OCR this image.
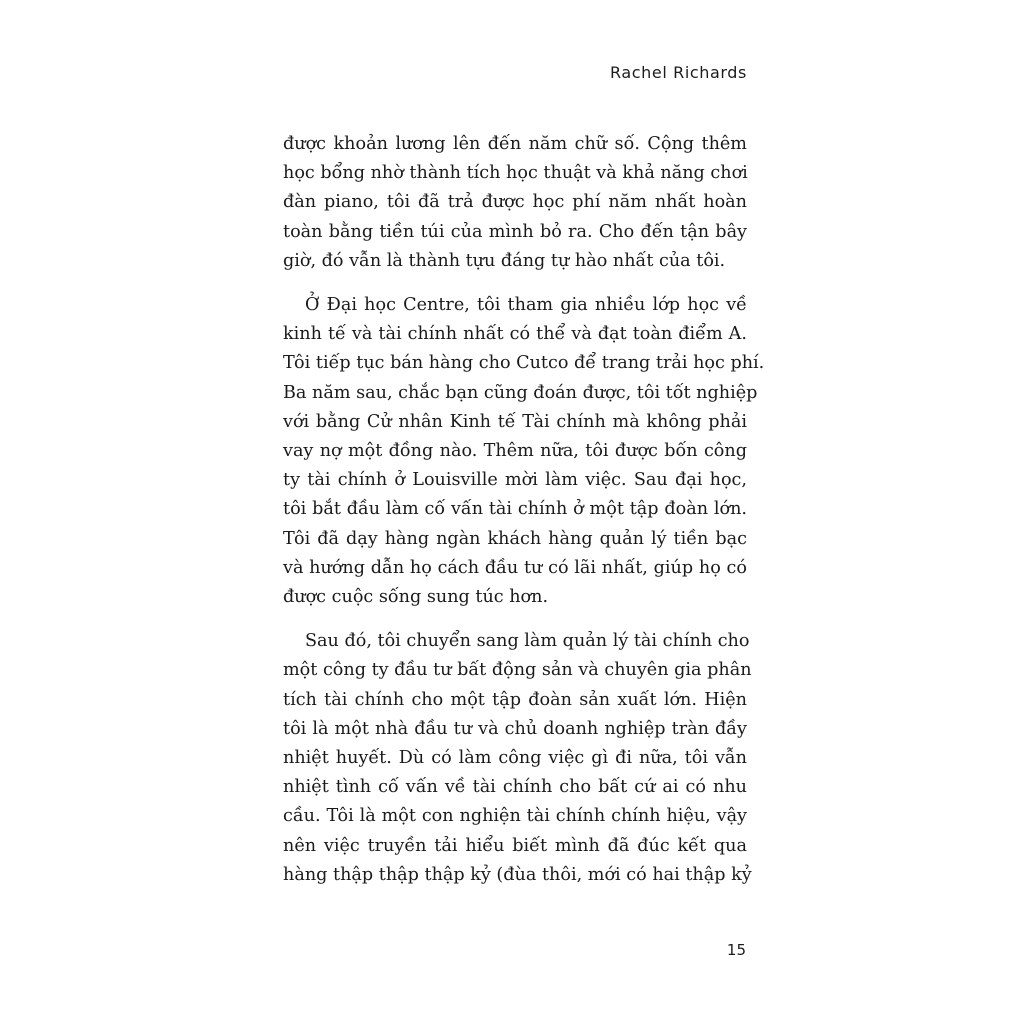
Rachel Richards

được khoản lương lên đến năm chữ số. Cộng thêm
học bổng nhờ thành tích học thuật và khả năng chơi
đàn piano, tôi đã trả được học phí năm nhất hoàn
toàn bằng tiền túi của mình bỏ ra. Cho đến tận bây
giờ, đó vẫn là thành tựu đáng tự hào nhất của tôi.

Ở Đại học Centre, tôi tham gia nhiều lớp học về
kinh tế và tài chính nhất có thể và đạt toàn điểm A.
Tôi tiếp tục bán hàng cho Cutco để trang trải học phí.
Ba năm sau, chắc bạn cũng đoán được, tôi tốt nghiệp
với bằng Cử nhân Kinh tế Tài chính mà không phải
vay nợ một đồng nào. Thêm nữa, tôi được bốn công
ty tài chính ở Louisville mời làm việc. Sau đại học,
tôi bắt đầu làm cố vấn tài chính ở một tập đoàn lớn.
Tôi đã dạy hàng ngàn khách hàng quản lý tiền bạc
và hướng dẫn họ cách đầu tư có lãi nhất, giúp họ có
được cuộc sống sung túc hơn.

Sau đó, tôi chuyển sang làm quản lý tài chính cho
một công ty đầu tư bất động sản và chuyên gia phân
tích tài chính cho một tập đoàn sản xuất lớn. Hiện
tôi là một nhà đầu tư và chủ doanh nghiệp tràn đầy
nhiệt huyết. Dù có làm công việc gì đi nữa, tôi vẫn
nhiệt tình cố vấn về tài chính cho bất cứ ai có nhu
cầu. Tôi là một con nghiện tài chính chính hiệu, vậy
nên việc truyền tải hiểu biết mình đã đúc kết qua
hàng thập thập thập kỷ (đùa thôi, mới có hai thập kỷ

15
